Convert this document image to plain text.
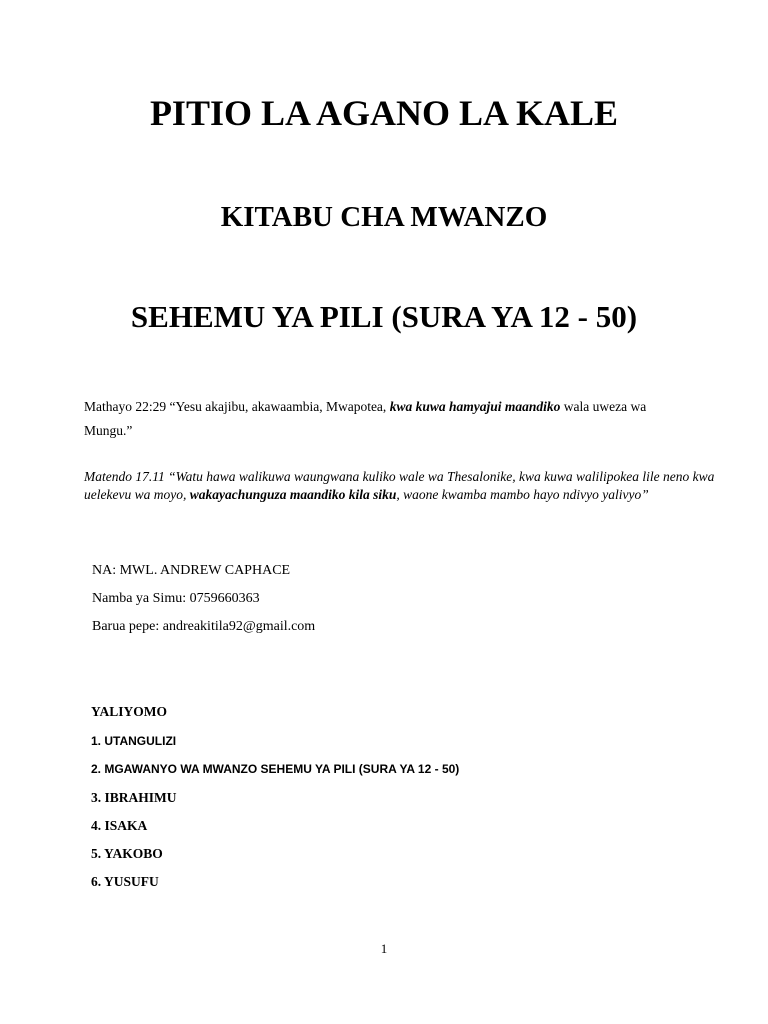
PITIO LA AGANO LA KALE
KITABU CHA MWANZO
SEHEMU YA PILI (SURA YA 12 - 50)
Mathayo 22:29 “Yesu akajibu, akawaambia, Mwapotea, kwa kuwa hamyajui maandiko wala uweza wa Mungu.”
Matendo 17.11 “Watu hawa walikuwa waungwana kuliko wale wa Thesalonike, kwa kuwa walilipokea lile neno kwa uelekevu wa moyo, wakayachunguza maandiko kila siku, waone kwamba mambo hayo ndivyo yalivyo”
NA: MWL. ANDREW CAPHACE
Namba ya Simu: 0759660363
Barua pepe: andreakitila92@gmail.com
YALIYOMO
1. UTANGULIZI
2. MGAWANYO WA MWANZO SEHEMU YA PILI (SURA YA 12 - 50)
3. IBRAHIMU
4. ISAKA
5. YAKOBO
6. YUSUFU
1
